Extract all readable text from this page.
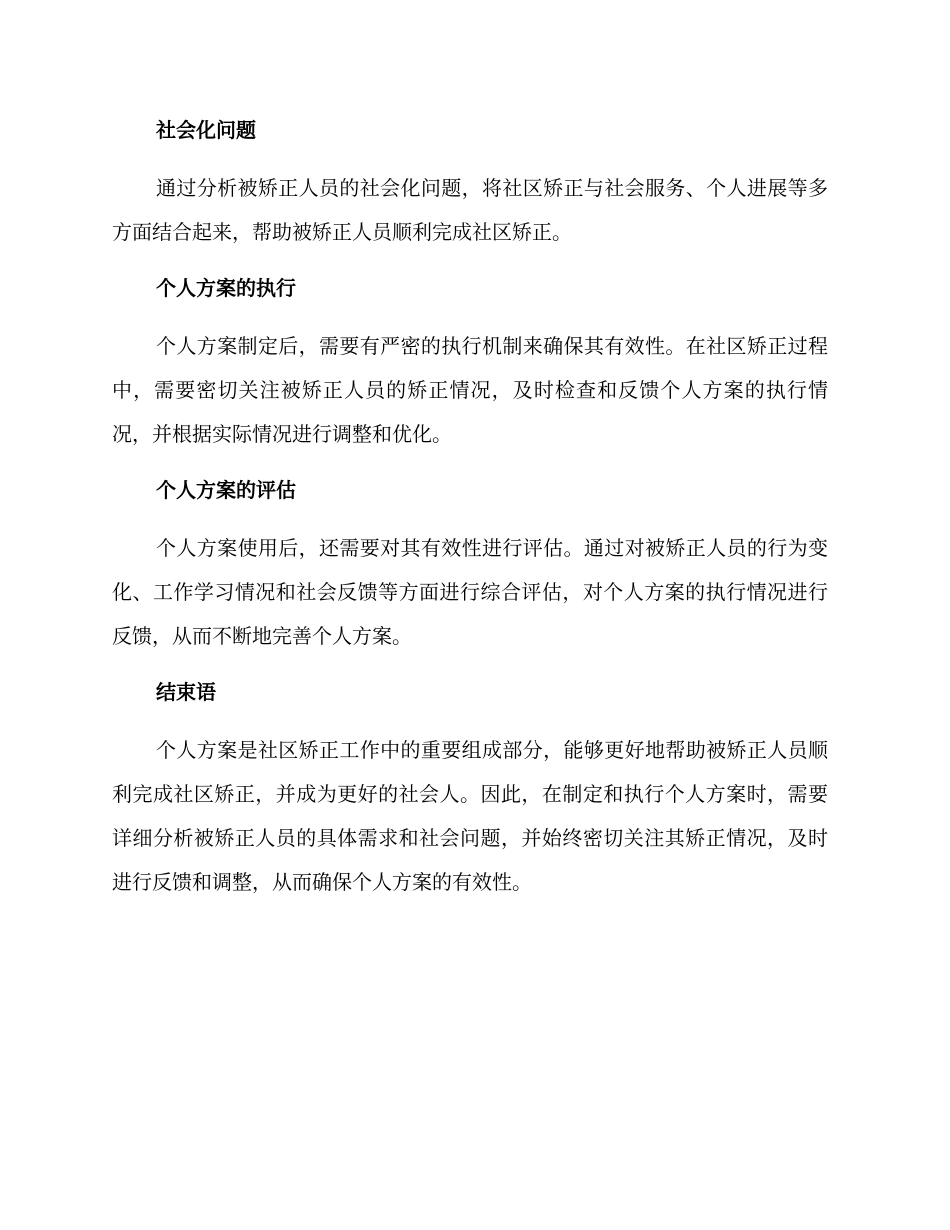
社会化问题

通过分析被矫正人员的社会化问题，将社区矫正与社会服务、个人进展等多方面结合起来，帮助被矫正人员顺利完成社区矫正。

个人方案的执行

个人方案制定后，需要有严密的执行机制来确保其有效性。在社区矫正过程中，需要密切关注被矫正人员的矫正情况，及时检查和反馈个人方案的执行情况，并根据实际情况进行调整和优化。

个人方案的评估

个人方案使用后，还需要对其有效性进行评估。通过对被矫正人员的行为变化、工作学习情况和社会反馈等方面进行综合评估，对个人方案的执行情况进行反馈，从而不断地完善个人方案。

结束语

个人方案是社区矫正工作中的重要组成部分，能够更好地帮助被矫正人员顺利完成社区矫正，并成为更好的社会人。因此，在制定和执行个人方案时，需要详细分析被矫正人员的具体需求和社会问题，并始终密切关注其矫正情况，及时进行反馈和调整，从而确保个人方案的有效性。
